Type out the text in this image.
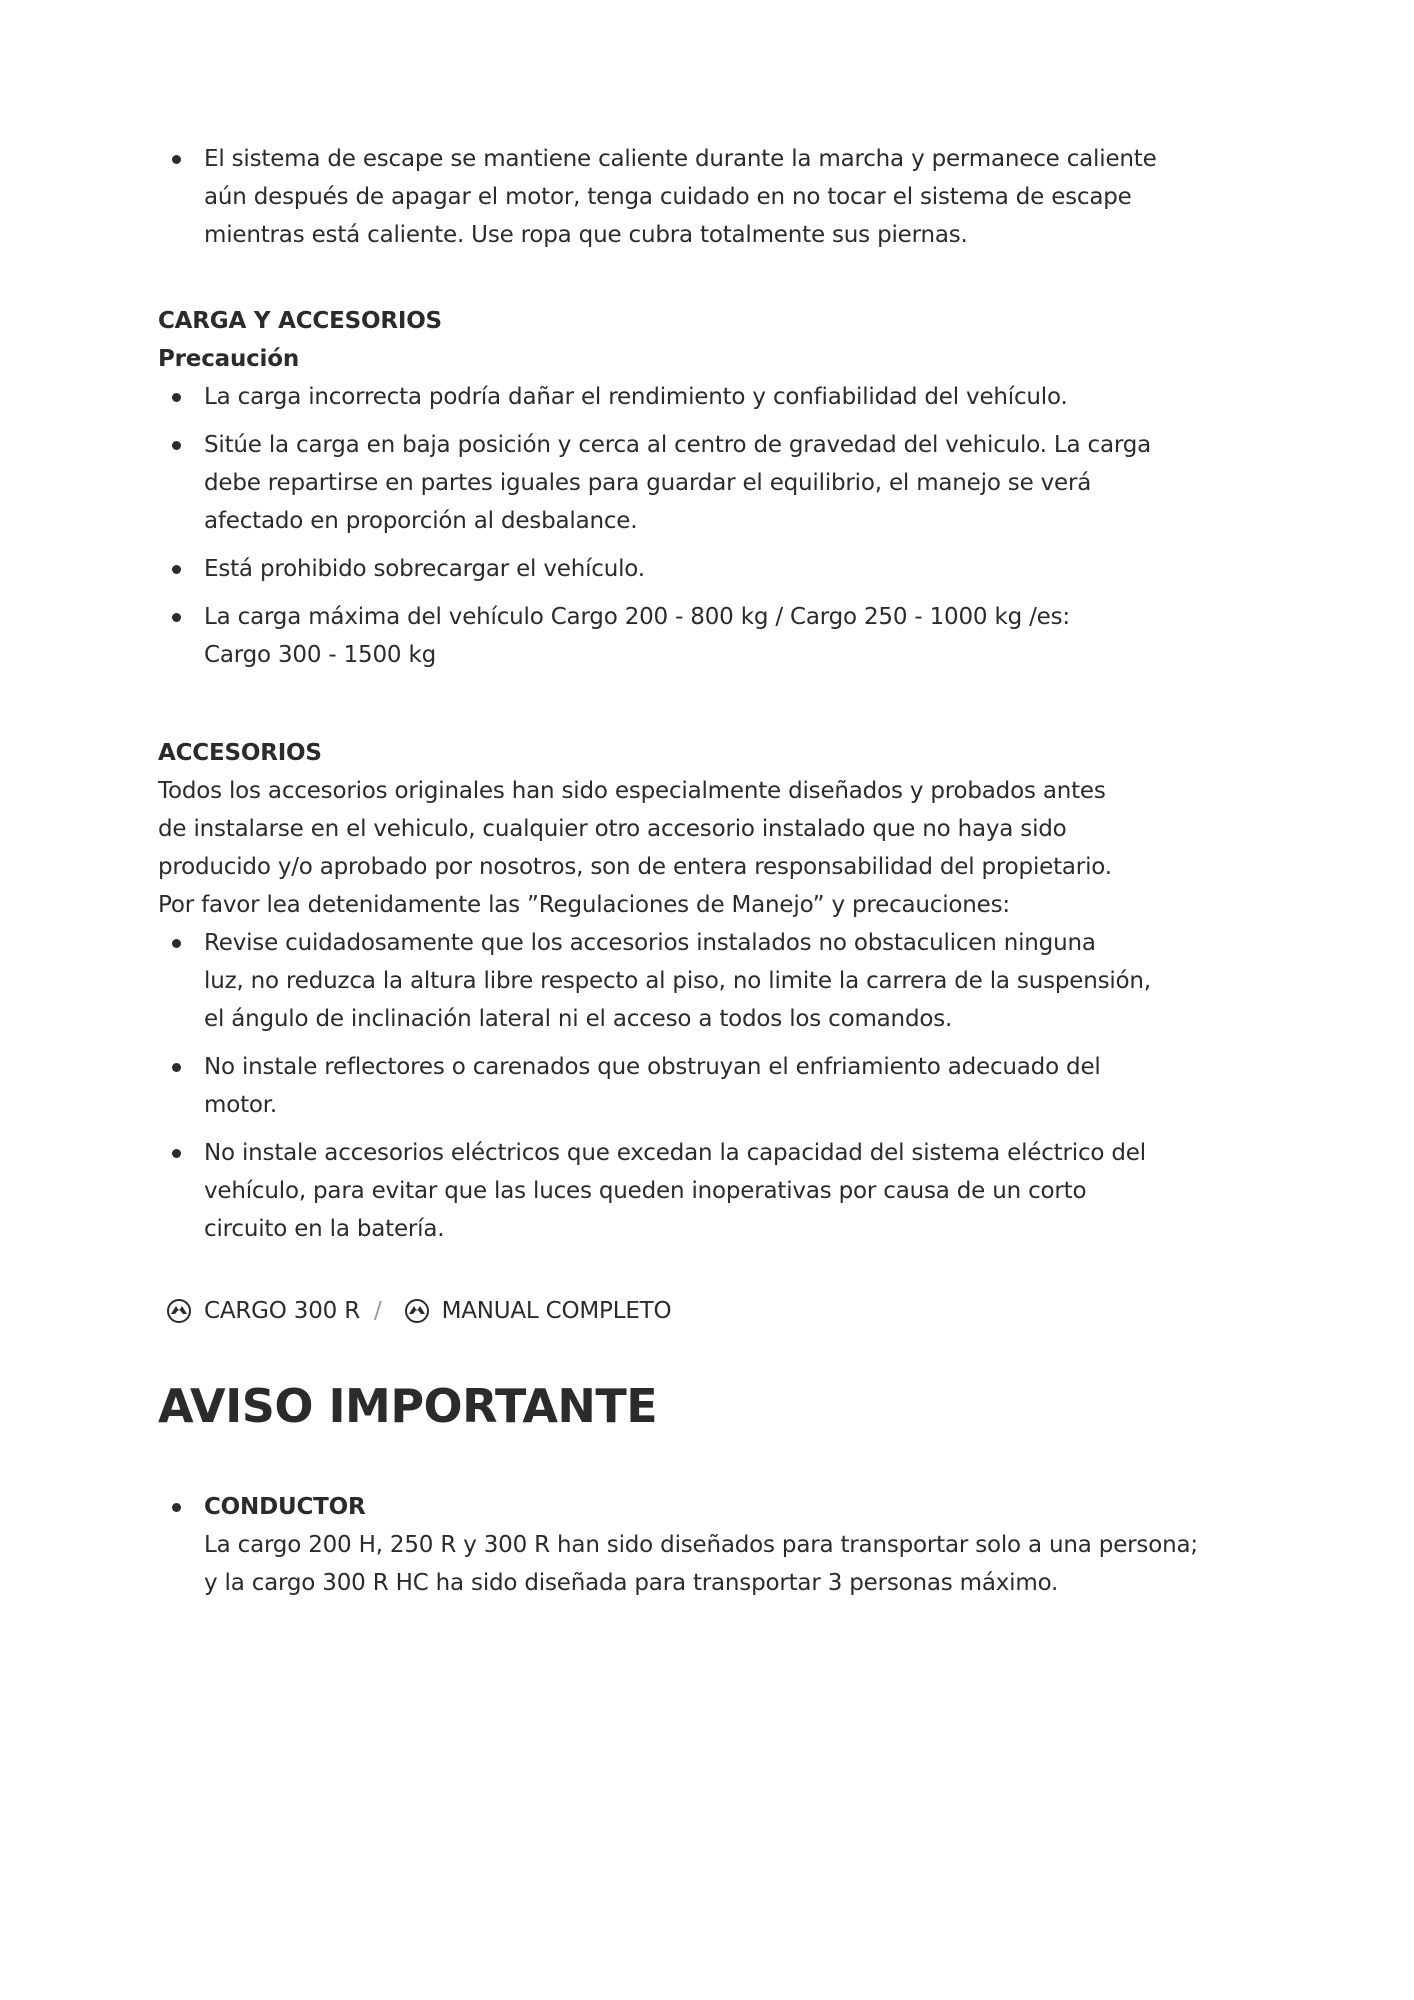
El sistema de escape se mantiene caliente durante la marcha y permanece caliente
aún después de apagar el motor, tenga cuidado en no tocar el sistema de escape
mientras está caliente. Use ropa que cubra totalmente sus piernas.
CARGA Y ACCESORIOS
Precaución
La carga incorrecta podría dañar el rendimiento y confiabilidad del vehículo.
Sitúe la carga en baja posición y cerca al centro de gravedad del vehiculo. La carga
debe repartirse en partes iguales para guardar el equilibrio, el manejo se verá
afectado en proporción al desbalance.
Está prohibido sobrecargar el vehículo.
La carga máxima del vehículo Cargo 200 - 800 kg / Cargo 250 - 1000 kg /es:
Cargo 300 - 1500 kg
ACCESORIOS
Todos los accesorios originales han sido especialmente diseñados y probados antes
de instalarse en el vehiculo, cualquier otro accesorio instalado que no haya sido
producido y/o aprobado por nosotros, son de entera responsabilidad del propietario.
Por favor lea detenidamente las ”Regulaciones de Manejo” y precauciones:
Revise cuidadosamente que los accesorios instalados no obstaculicen ninguna
luz, no reduzca la altura libre respecto al piso, no limite la carrera de la suspensión,
el ángulo de inclinación lateral ni el acceso a todos los comandos.
No instale reflectores o carenados que obstruyan el enfriamiento adecuado del
motor.
No instale accesorios eléctricos que excedan la capacidad del sistema eléctrico del
vehículo, para evitar que las luces queden inoperativas por causa de un corto
circuito en la batería.
CARGO 300 R /	MANUAL COMPLETO
AVISO IMPORTANTE
CONDUCTOR
La cargo 200 H, 250 R y 300 R han sido diseñados para transportar solo a una persona;
y la cargo 300 R HC ha sido diseñada para transportar 3 personas máximo.
